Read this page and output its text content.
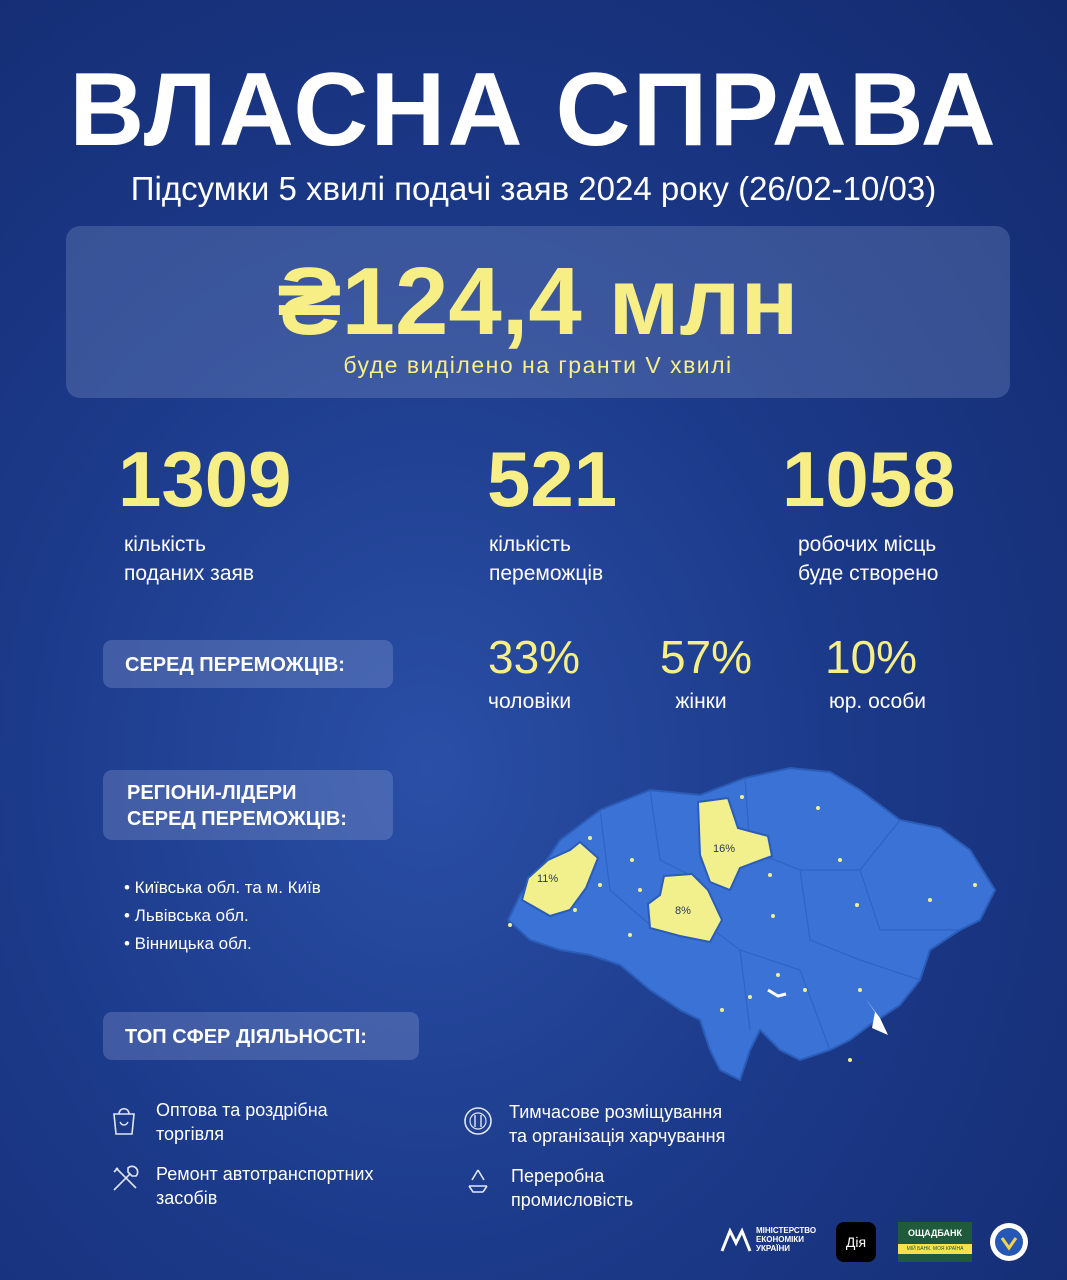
ВЛАСНА СПРАВА
Підсумки 5 хвилі подачі заяв 2024 року (26/02-10/03)
₴124,4 млн
буде виділено на гранти V хвилі
1309
кількість
поданих заяв
521
кількість
переможців
1058
робочих місць
буде створено
СЕРЕД ПЕРЕМОЖЦІВ:	33%
чоловіки
57%
жінки
10%
юр. особи
РЕГІОНИ-ЛІДЕРИ
СЕРЕД ПЕРЕМОЖЦІВ:
• Київська обл. та м. Київ
• Львівська обл.
• Вінницька обл.
16%
11%
8%
ТОП СФЕР ДІЯЛЬНОСТІ:
Оптова та роздрібна
торгівля
Тимчасове розміщування
та організація харчування
Ремонт автотранспортних
засобів
Переробна
промисловість
МІНІСТЕРСТВО
ЕКОНОМІКИ
УКРАЇНИ	Дія
ОЩАДБАНК
МІЙ БАНК. МОЯ КРАЇНА
